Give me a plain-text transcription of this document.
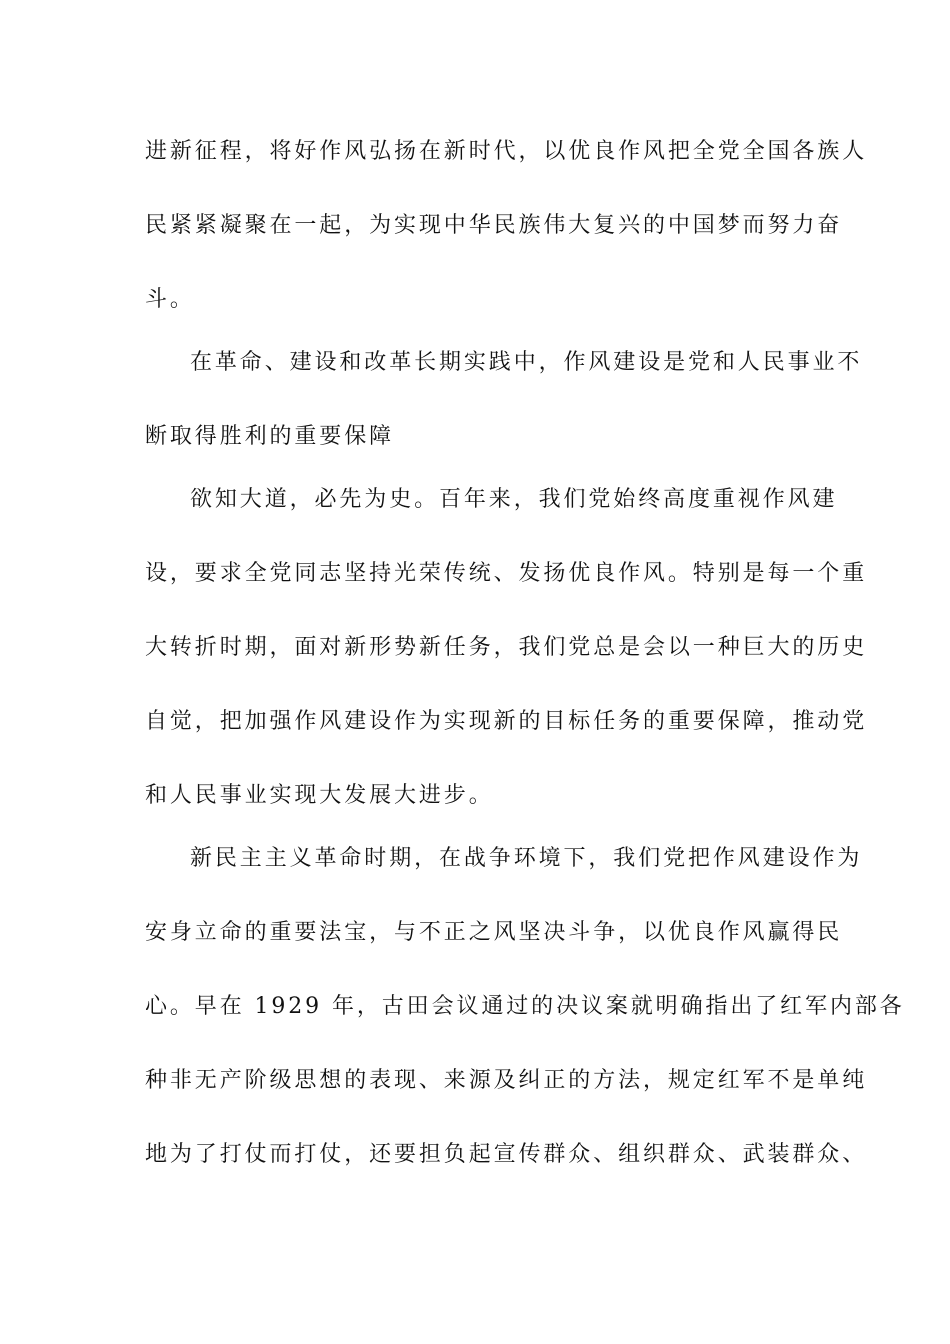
进新征程，将好作风弘扬在新时代，以优良作风把全党全国各族人
民紧紧凝聚在一起，为实现中华民族伟大复兴的中国梦而努力奋
斗。
在革命、建设和改革长期实践中，作风建设是党和人民事业不
断取得胜利的重要保障
欲知大道，必先为史。百年来，我们党始终高度重视作风建
设，要求全党同志坚持光荣传统、发扬优良作风。特别是每一个重
大转折时期，面对新形势新任务，我们党总是会以一种巨大的历史
自觉，把加强作风建设作为实现新的目标任务的重要保障，推动党
和人民事业实现大发展大进步。
新民主主义革命时期，在战争环境下，我们党把作风建设作为
安身立命的重要法宝，与不正之风坚决斗争，以优良作风赢得民
心。早在 1929 年，古田会议通过的决议案就明确指出了红军内部各
种非无产阶级思想的表现、来源及纠正的方法，规定红军不是单纯
地为了打仗而打仗，还要担负起宣传群众、组织群众、武装群众、
